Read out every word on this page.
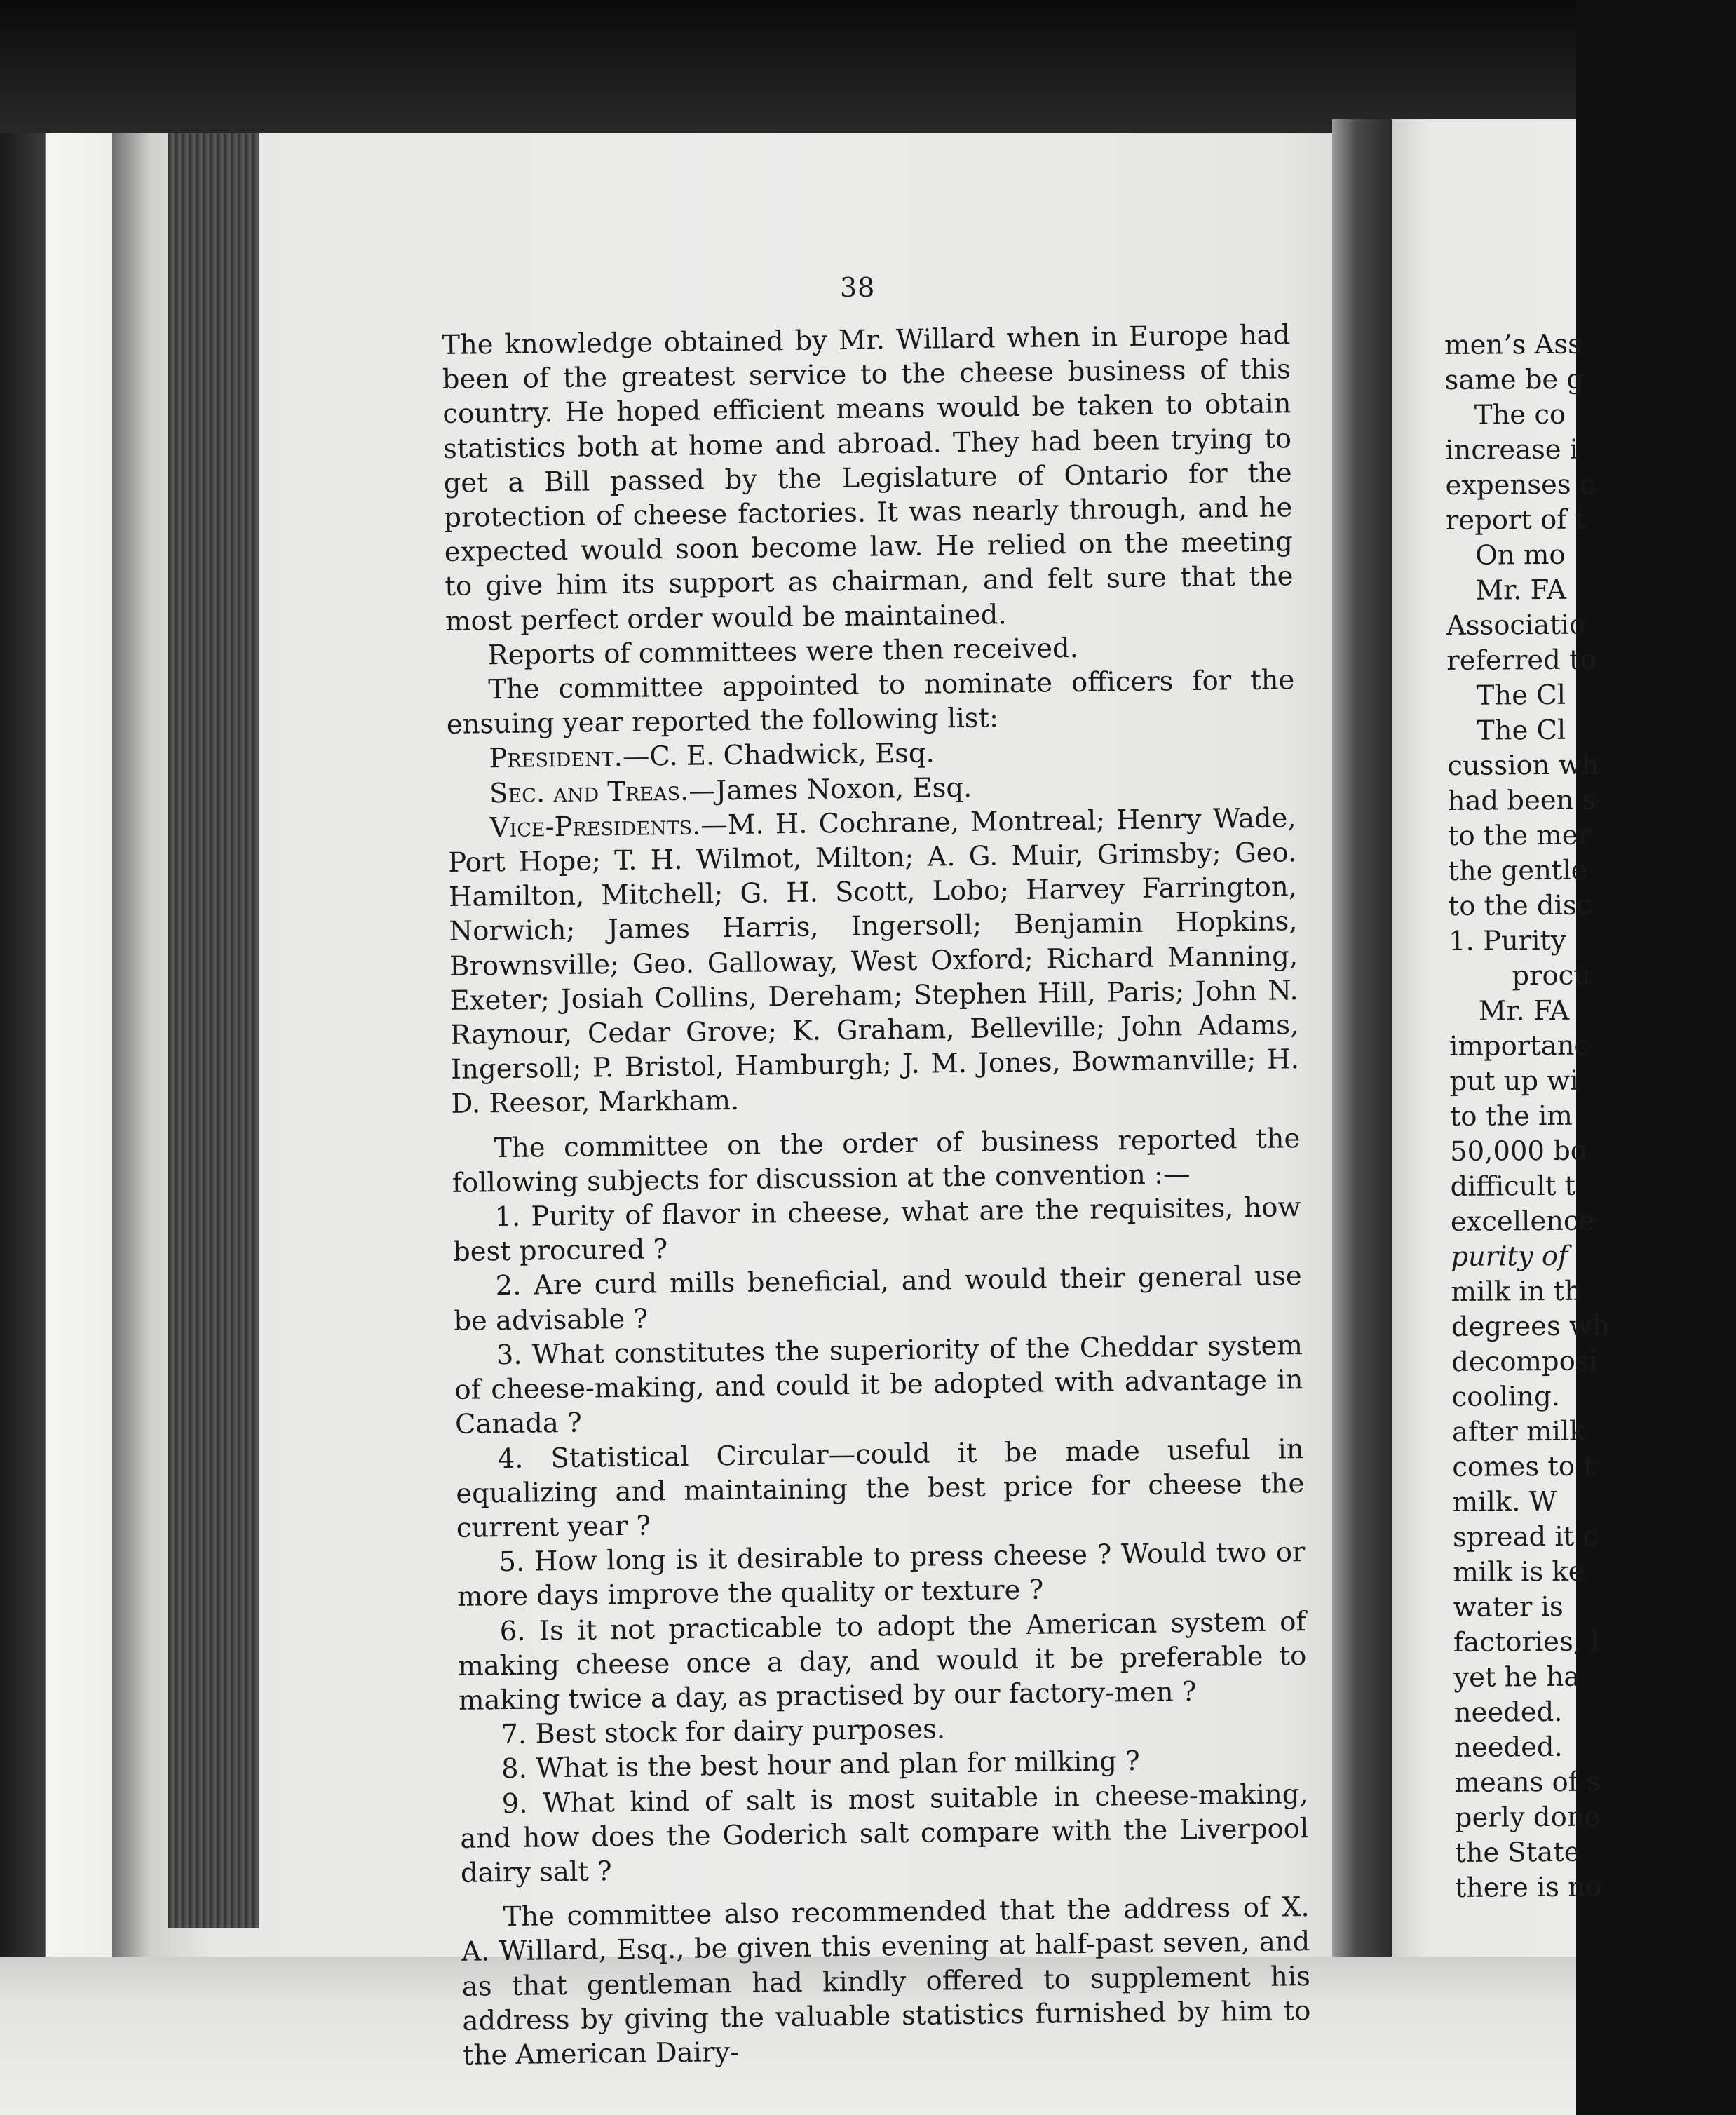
38

The knowledge obtained by Mr. Willard when in Europe had been of the greatest service to the cheese business of this country. He hoped efficient means would be taken to obtain statistics both at home and abroad. They had been trying to get a Bill passed by the Legislature of Ontario for the protection of cheese factories. It was nearly through, and he expected would soon become law. He relied on the meeting to give him its support as chairman, and felt sure that the most perfect order would be maintained.

Reports of committees were then received.

The committee appointed to nominate officers for the ensuing year reported the following list:

President.—C. E. Chadwick, Esq.

Sec. and Treas.—James Noxon, Esq.

Vice-Presidents.—M. H. Cochrane, Montreal; Henry Wade, Port Hope; T. H. Wilmot, Milton; A. G. Muir, Grimsby; Geo. Hamilton, Mitchell; G. H. Scott, Lobo; Harvey Farrington, Norwich; James Harris, Ingersoll; Benjamin Hopkins, Brownsville; Geo. Galloway, West Oxford; Richard Manning, Exeter; Josiah Collins, Dereham; Stephen Hill, Paris; John N. Raynour, Cedar Grove; K. Graham, Belleville; John Adams, Ingersoll; P. Bristol, Hamburgh; J. M. Jones, Bowmanville; H. D. Reesor, Markham.

The committee on the order of business reported the following subjects for discussion at the convention :—

1. Purity of flavor in cheese, what are the requisites, how best procured ?

2. Are curd mills beneficial, and would their general use be advisable ?

3. What constitutes the superiority of the Cheddar system of cheese-making, and could it be adopted with advantage in Canada ?

4. Statistical Circular—could it be made useful in equalizing and maintaining the best price for cheese the current year ?

5. How long is it desirable to press cheese ? Would two or more days improve the quality or texture ?

6. Is it not practicable to adopt the American system of making cheese once a day, and would it be preferable to making twice a day, as practised by our factory-men ?

7. Best stock for dairy purposes.

8. What is the best hour and plan for milking ?

9. What kind of salt is most suitable in cheese-making, and how does the Goderich salt compare with the Liverpool dairy salt ?

The committee also recommended that the address of X. A. Willard, Esq., be given this evening at half-past seven, and as that gentleman had kindly offered to supplement his address by giving the valuable statistics furnished by him to the American Dairy-

men’s Ass
same be g
The co
increase i
expenses c
report of t
On mo
Mr. FA
Associatio
referred to
The Cl
The Cl
cussion wh
had been s
to the mer
the gentle
to the disc
1. Purity
procu
Mr. FA
importanc
put up wi
to the im
50,000 bo
difficult t
excellence
purity of
milk in th
degrees wh
decomposi
cooling.
after milk
comes to t
milk. W
spread it c
milk is ke
water is
factories, l
yet he ha
needed.
needed.
means of s
perly done
the State
there is no
